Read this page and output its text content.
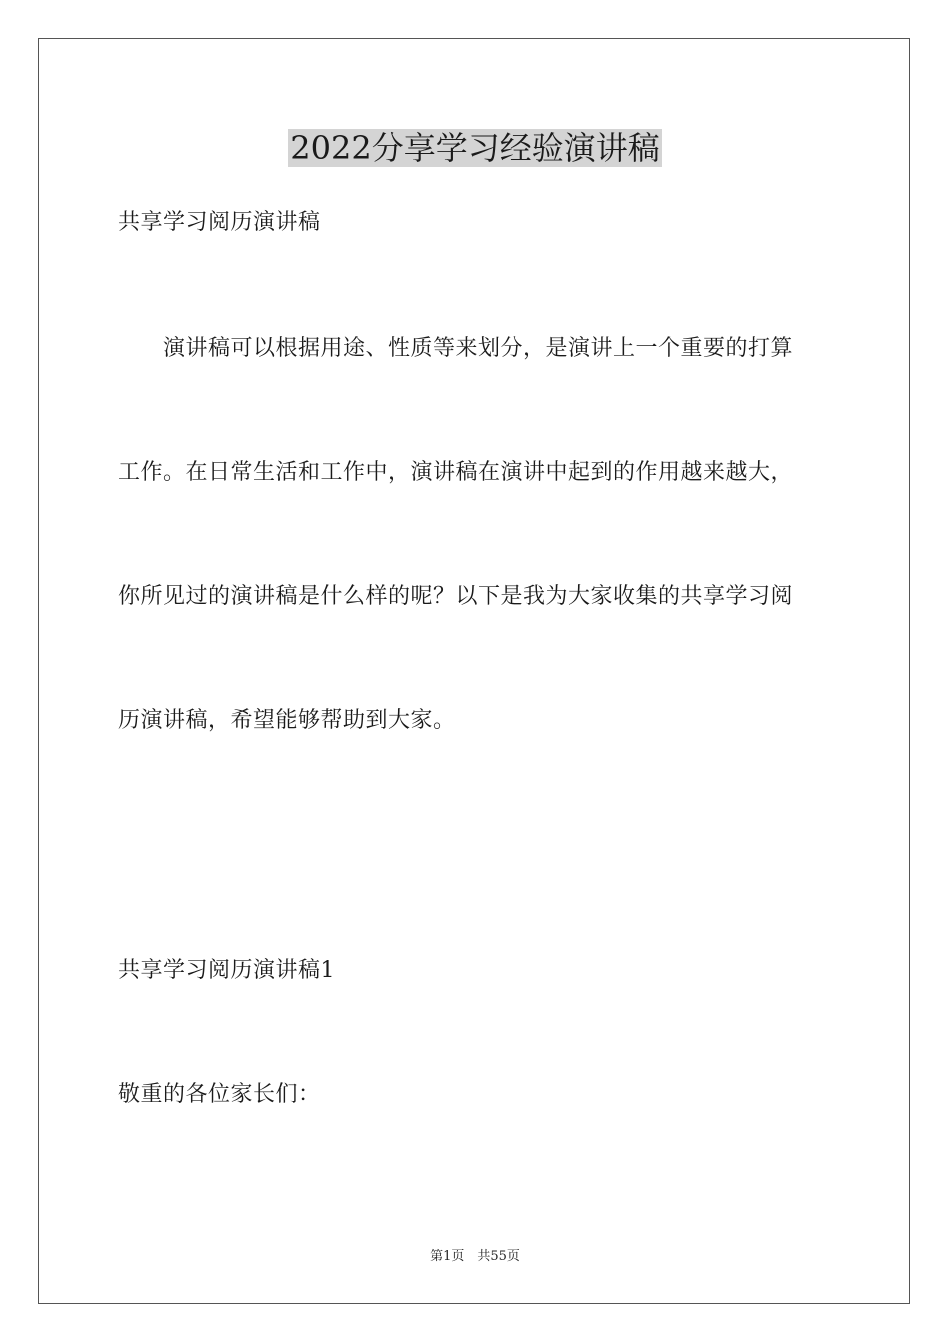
2022分享学习经验演讲稿
共享学习阅历演讲稿
演讲稿可以根据用途、性质等来划分，是演讲上一个重要的打算
工作。在日常生活和工作中，演讲稿在演讲中起到的作用越来越大，
你所见过的演讲稿是什么样的呢？以下是我为大家收集的共享学习阅
历演讲稿，希望能够帮助到大家。
共享学习阅历演讲稿1
敬重的各位家长们：
第1页　共55页
